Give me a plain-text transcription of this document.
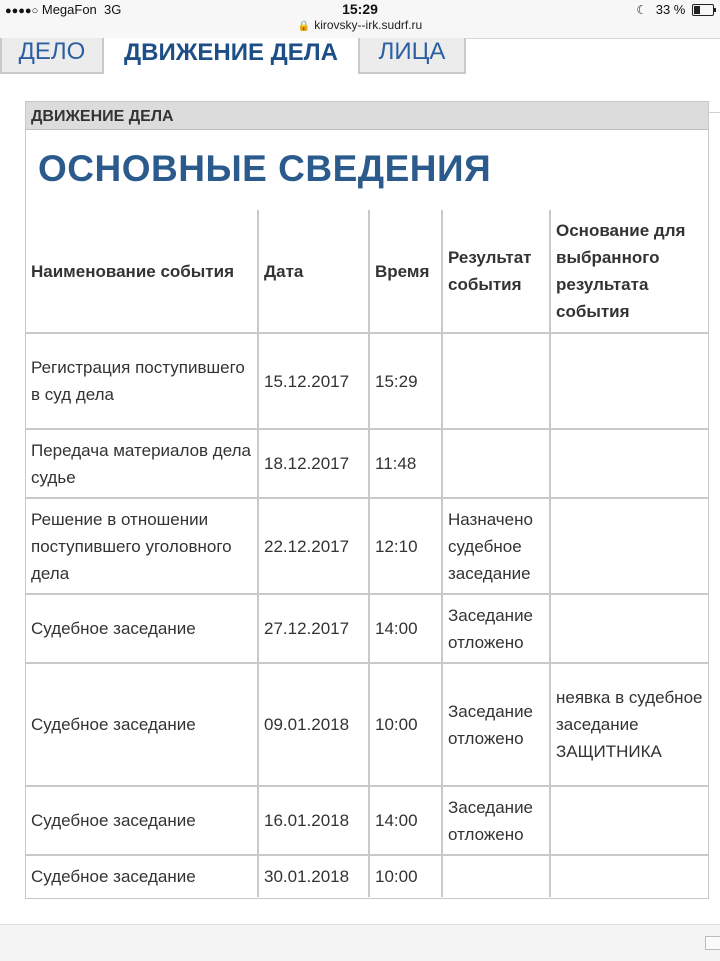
●●●●○ MegaFon 3G	15:29
🔒 kirovsky--irk.sudrf.ru
☾ 33 %
ДЕЛО	ДВИЖЕНИЕ ДЕЛА	ЛИЦА
ДВИЖЕНИЕ ДЕЛА
ОСНОВНЫЕ СВЕДЕНИЯ
Наименование события	Дата	Время	Результат события	Основание для выбранного результата события
Регистрация поступившего в суд дела	15.12.2017	15:29		
Передача материалов дела судье	18.12.2017	11:48		
Решение в отношении поступившего уголовного дела	22.12.2017	12:10	Назначено судебное заседание	
Судебное заседание	27.12.2017	14:00	Заседание отложено	
Судебное заседание	09.01.2018	10:00	Заседание отложено	неявка в судебное заседание ЗАЩИТНИКА
Судебное заседание	16.01.2018	14:00	Заседание отложено	
Судебное заседание	30.01.2018	10:00		
